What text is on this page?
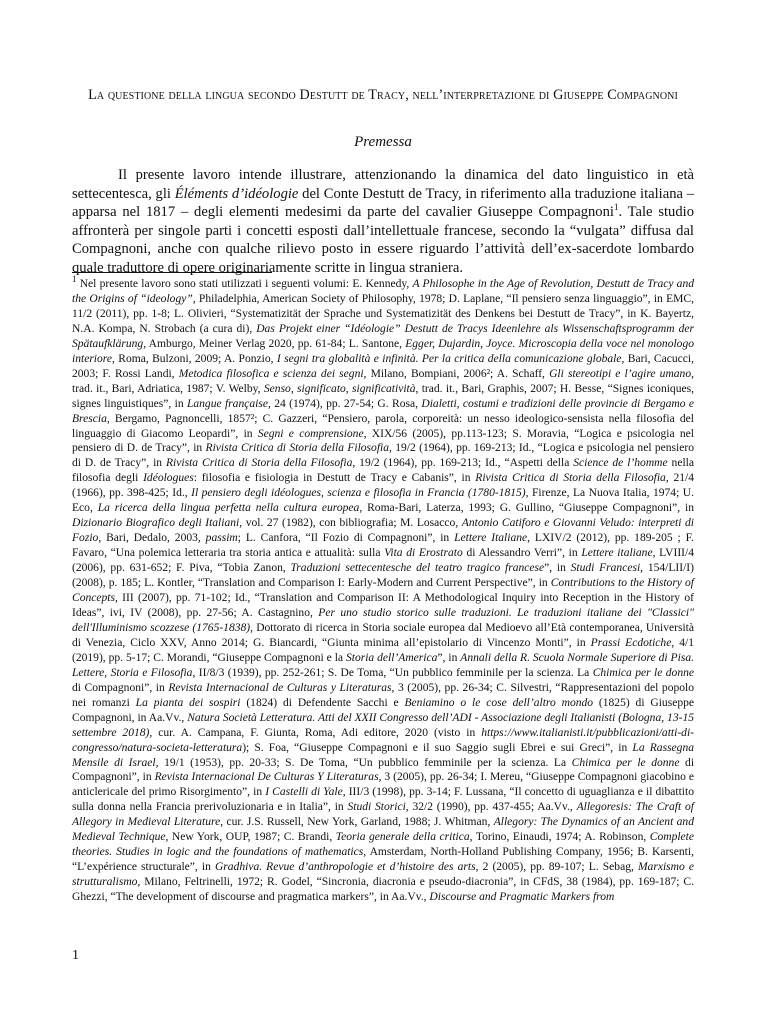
La questione della lingua secondo Destutt de Tracy, nell’interpretazione di Giuseppe Compagnoni
Premessa

Il presente lavoro intende illustrare, attenzionando la dinamica del dato linguistico in età settecentesca, gli Éléments d’idéologie del Conte Destutt de Tracy, in riferimento alla traduzione italiana – apparsa nel 1817 – degli elementi medesimi da parte del cavalier Giuseppe Compagnoni$^1$. Tale studio affronterà per singole parti i concetti esposti dall’intellettuale francese, secondo la “vulgata” diffusa dal Compagnoni, anche con qualche rilievo posto in essere riguardo l’attività dell’ex-sacerdote lombardo quale traduttore di opere originariamente scritte in lingua straniera.

$^1$ Nel presente lavoro sono stati utilizzati i seguenti volumi: E. Kennedy, A Philosophe in the Age of Revolution, Destutt de Tracy and the Origins of “ideology”, Philadelphia, American Society of Philosophy, 1978; D. Laplane, “Il pensiero senza linguaggio”, in EMC, 11/2 (2011), pp. 1-8; L. Olivieri, “Systematizität der Sprache und Systematizität des Denkens bei Destutt de Tracy”, in K. Bayertz, N.A. Kompa, N. Strobach (a cura di), Das Projekt einer “Idéologie” Destutt de Tracys Ideenlehre als Wissenschaftsprogramm der Spätaufklärung, Amburgo, Meiner Verlag 2020, pp. 61-84; L. Santone, Egger, Dujardin, Joyce. Microscopia della voce nel monologo interiore, Roma, Bulzoni, 2009; A. Ponzio, I segni tra globalità e infinità. Per la critica della comunicazione globale, Bari, Cacucci, 2003; F. Rossi Landi, Metodica filosofica e scienza dei segni, Milano, Bompiani, 2006²; A. Schaff, Gli stereotipi e l’agire umano, trad. it., Bari, Adriatica, 1987; V. Welby, Senso, significato, significatività, trad. it., Bari, Graphis, 2007; H. Besse, “Signes iconiques, signes linguistiques”, in Langue française, 24 (1974), pp. 27-54; G. Rosa, Dialetti, costumi e tradizioni delle provincie di Bergamo e Brescia, Bergamo, Pagnoncelli, 1857²; C. Gazzeri, “Pensiero, parola, corporeità: un nesso ideologico-sensista nella filosofia del linguaggio di Giacomo Leopardi”, in Segni e comprensione, XIX/56 (2005), pp.113-123; S. Moravia, “Logica e psicologia nel pensiero di D. de Tracy”, in Rivista Critica di Storia della Filosofia, 19/2 (1964), pp. 169-213; Id., “Logica e psicologia nel pensiero di D. de Tracy”, in Rivista Critica di Storia della Filosofia, 19/2 (1964), pp. 169-213; Id., “Aspetti della Science de l’homme nella filosofia degli Idéologues: filosofia e fisiologia in Destutt de Tracy e Cabanis”, in Rivista Critica di Storia della Filosofia, 21/4 (1966), pp. 398-425; Id., Il pensiero degli idéologues, scienza e filosofia in Francia (1780-1815), Firenze, La Nuova Italia, 1974; U. Eco, La ricerca della lingua perfetta nella cultura europea, Roma-Bari, Laterza, 1993; G. Gullino, “Giuseppe Compagnoni”, in Dizionario Biografico degli Italiani, vol. 27 (1982), con bibliografia; M. Losacco, Antonio Catiforo e Giovanni Veludo: interpreti di Fozio, Bari, Dedalo, 2003, passim; L. Canfora, “Il Fozio di Compagnoni”, in Lettere Italiane, LXIV/2 (2012), pp. 189-205 ; F. Favaro, “Una polemica letteraria tra storia antica e attualità: sulla Vita di Erostrato di Alessandro Verri”, in Lettere italiane, LVIII/4 (2006), pp. 631-652; F. Piva, “Tobia Zanon, Traduzioni settecentesche del teatro tragico francese”, in Studi Francesi, 154/LII/I) (2008), p. 185; L. Kontler, “Translation and Comparison I: Early-Modern and Current Perspective”, in Contributions to the History of Concepts, III (2007), pp. 71-102; Id., “Translation and Comparison II: A Methodological Inquiry into Reception in the History of Ideas”, ivi, IV (2008), pp. 27-56; A. Castagnino, Per uno studio storico sulle traduzioni. Le traduzioni italiane dei "Classici" dell'Illuminismo scozzese (1765-1838), Dottorato di ricerca in Storia sociale europea dal Medioevo all’Età contemporanea, Università di Venezia, Ciclo XXV, Anno 2014; G. Biancardi, “Giunta minima all’epistolario di Vincenzo Monti”, in Prassi Ecdotiche, 4/1 (2019), pp. 5-17; C. Morandi, “Giuseppe Compagnoni e la Storia dell’America”, in Annali della R. Scuola Normale Superiore di Pisa. Lettere, Storia e Filosofia, II/8/3 (1939), pp. 252-261; S. De Toma, “Un pubblico femminile per la scienza. La Chimica per le donne di Compagnoni”, in Revista Internacional de Culturas y Literaturas, 3 (2005), pp. 26-34; C. Silvestri, “Rappresentazioni del popolo nei romanzi La pianta dei sospiri (1824) di Defendente Sacchi e Beniamino o le cose dell’altro mondo (1825) di Giuseppe Compagnoni, in Aa.Vv., Natura Società Letteratura. Atti del XXII Congresso dell’ADI - Associazione degli Italianisti (Bologna, 13-15 settembre 2018), cur. A. Campana, F. Giunta, Roma, Adi editore, 2020 (visto in https://www.italianisti.it/pubblicazioni/atti-di-congresso/natura-societa-letteratura); S. Foa, “Giuseppe Compagnoni e il suo Saggio sugli Ebrei e sui Greci”, in La Rassegna Mensile di Israel, 19/1 (1953), pp. 20-33; S. De Toma, “Un pubblico femminile per la scienza. La Chimica per le donne di Compagnoni”, in Revista Internacional De Culturas Y Literaturas, 3 (2005), pp. 26-34; I. Mereu, “Giuseppe Compagnoni giacobino e anticlericale del primo Risorgimento”, in I Castelli di Yale, III/3 (1998), pp. 3-14; F. Lussana, “Il concetto di uguaglianza e il dibattito sulla donna nella Francia prerivoluzionaria e in Italia”, in Studi Storici, 32/2 (1990), pp. 437-455; Aa.Vv., Allegoresis: The Craft of Allegory in Medieval Literature, cur. J.S. Russell, New York, Garland, 1988; J. Whitman, Allegory: The Dynamics of an Ancient and Medieval Technique, New York, OUP, 1987; C. Brandi, Teoria generale della critica, Torino, Einaudi, 1974; A. Robinson, Complete theories. Studies in logic and the foundations of mathematics, Amsterdam, North-Holland Publishing Company, 1956; B. Karsenti, “L’expérience structurale”, in Gradhiva. Revue d’anthropologie et d’histoire des arts, 2 (2005), pp. 89-107; L. Sebag, Marxismo e strutturalismo, Milano, Feltrinelli, 1972; R. Godel, “Sincronia, diacronia e pseudo-diacronia”, in CFdS, 38 (1984), pp. 169-187; C. Ghezzi, “The development of discourse and pragmatica markers”, in Aa.Vv., Discourse and Pragmatic Markers from

1
